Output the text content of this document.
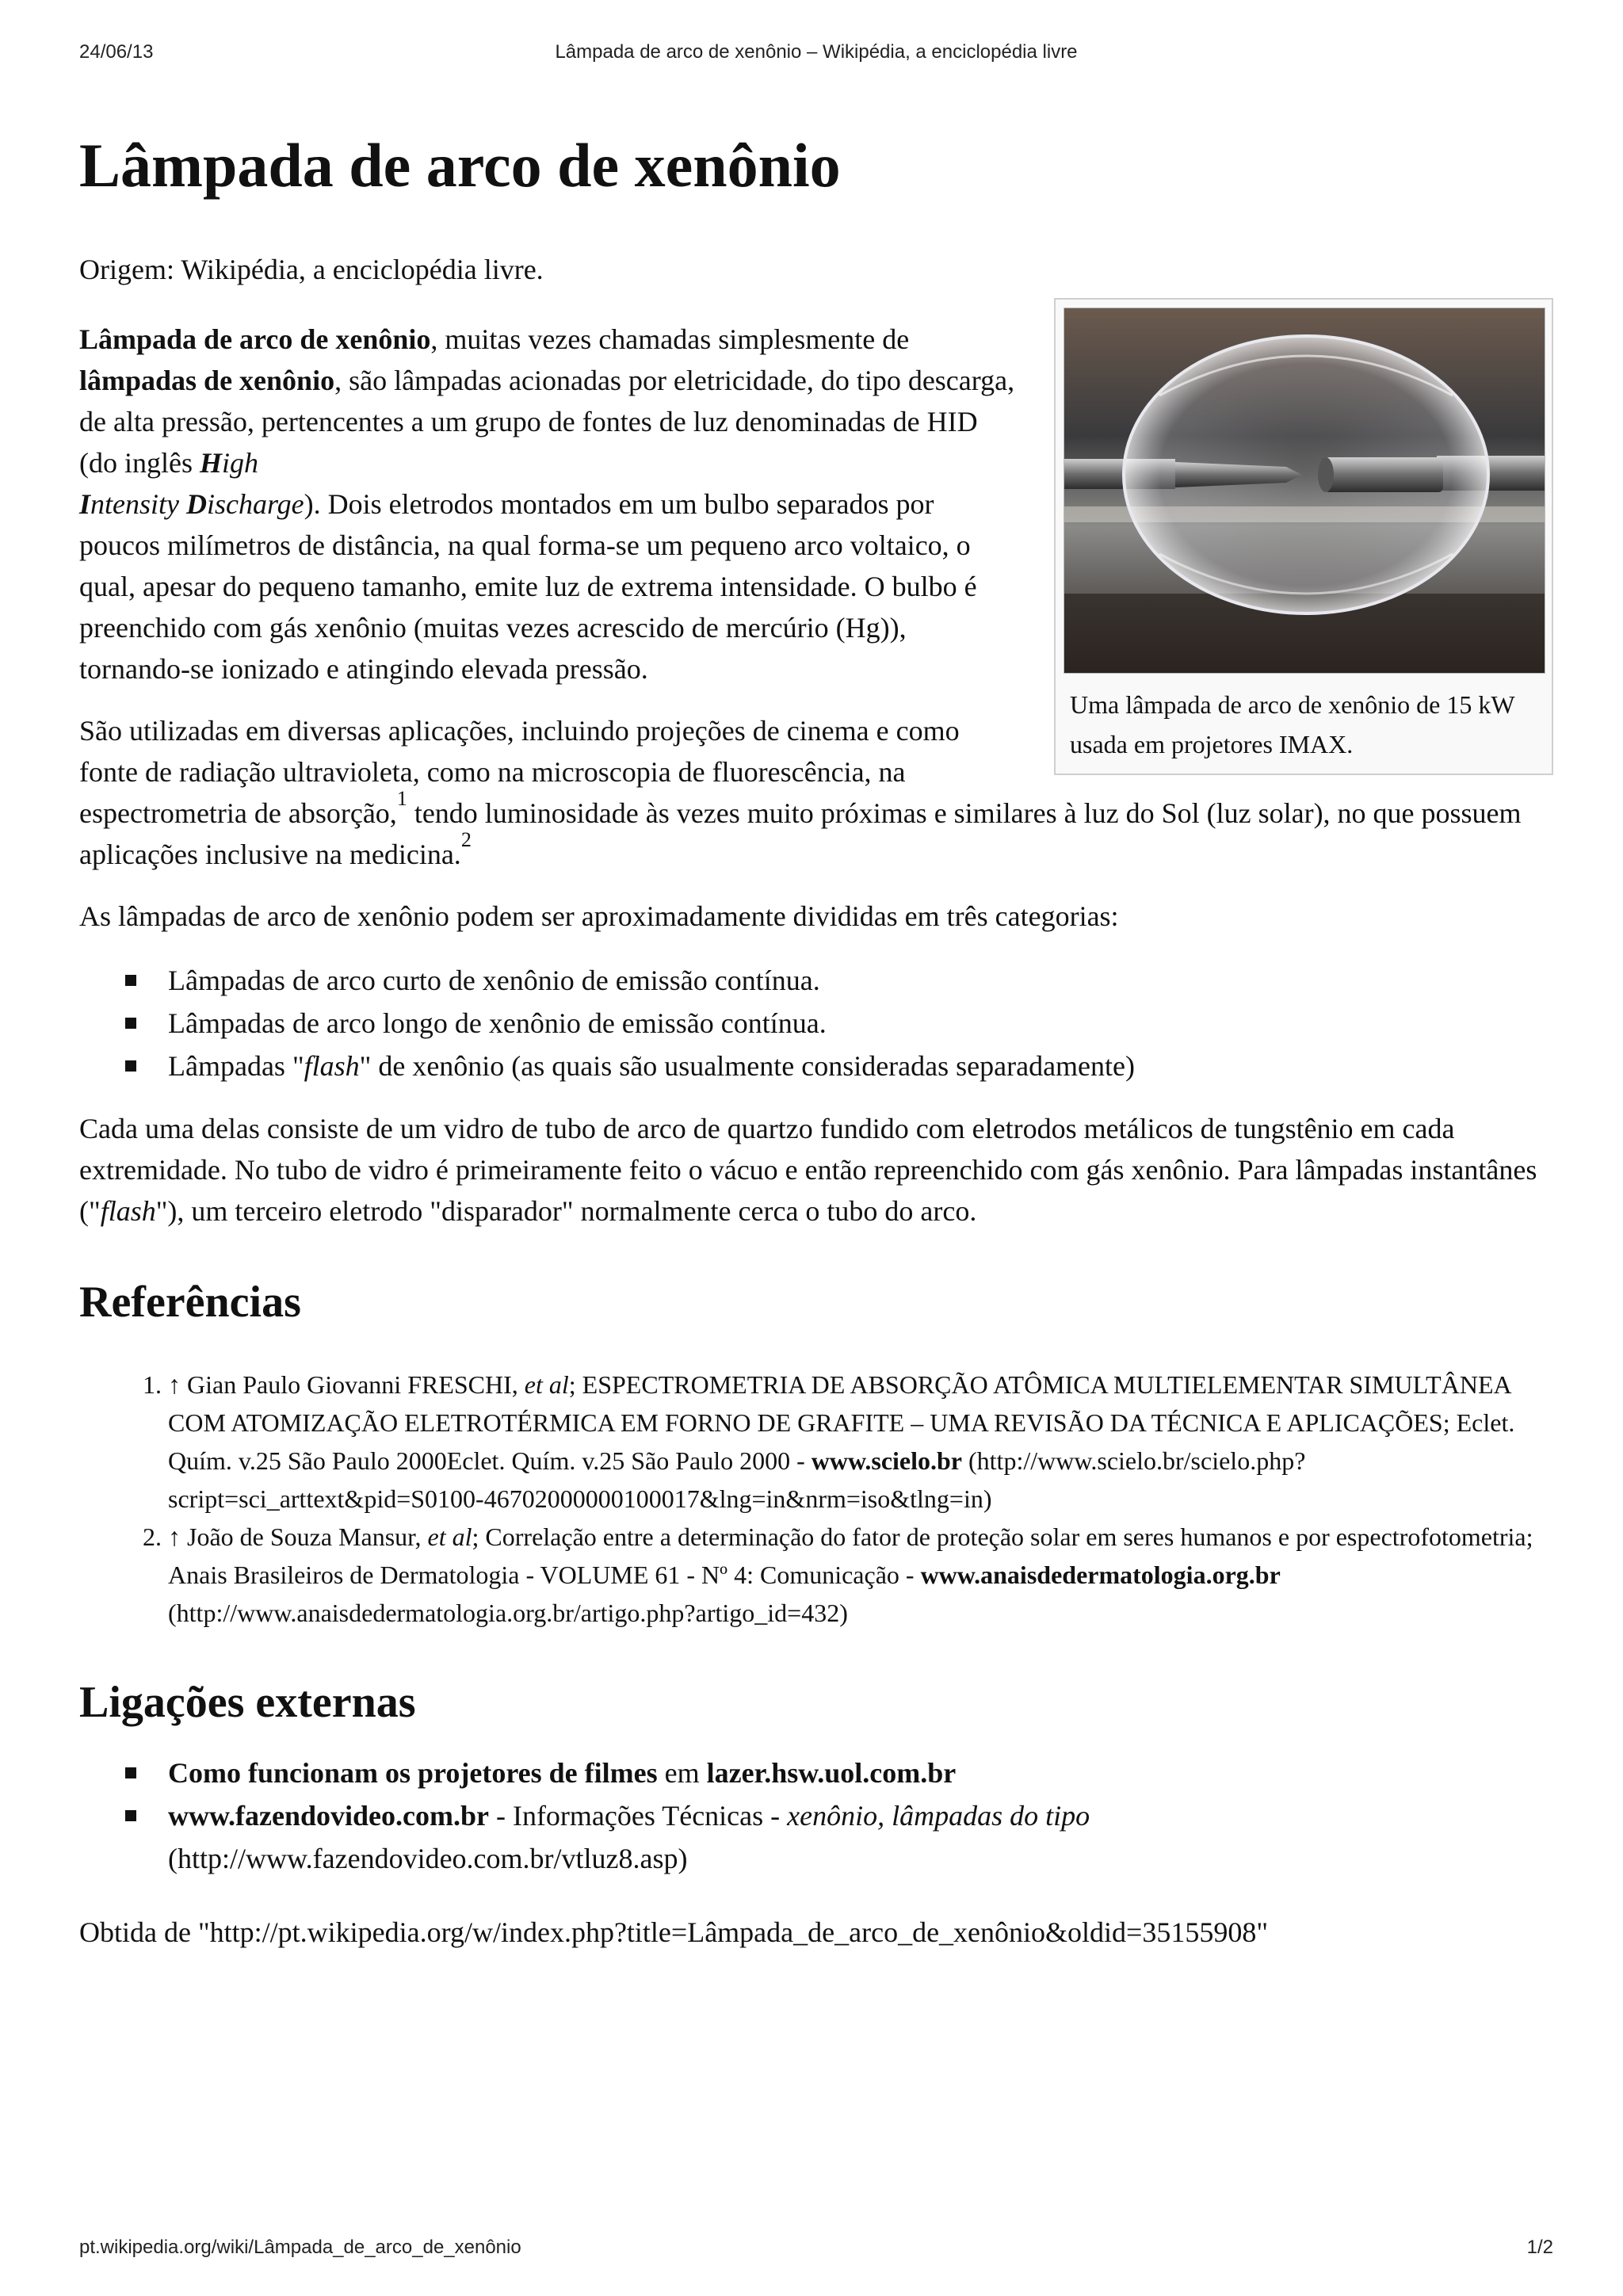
24/06/13	Lâmpada de arco de xenônio – Wikipédia, a enciclopédia livre
Lâmpada de arco de xenônio

Origem: Wikipédia, a enciclopédia livre.

Uma lâmpada de arco de xenônio de 15 kW usada em projetores IMAX.

Lâmpada de arco de xenônio, muitas vezes chamadas simplesmente de lâmpadas de xenônio, são lâmpadas acionadas por eletricidade, do tipo descarga, de alta pressão, pertencentes a um grupo de fontes de luz denominadas de HID (do inglês High
Intensity Discharge). Dois eletrodos montados em um bulbo separados por poucos milímetros de distância, na qual forma-se um pequeno arco voltaico, o qual, apesar do pequeno tamanho, emite luz de extrema intensidade. O bulbo é preenchido com gás xenônio (muitas vezes acrescido de mercúrio (Hg)), tornando-se ionizado e atingindo elevada pressão.

São utilizadas em diversas aplicações, incluindo projeções de cinema e como fonte de radiação ultravioleta, como na microscopia de fluorescência, na espectrometria de absorção,$^1$ tendo luminosidade às vezes muito próximas e similares à luz do Sol (luz solar), no que possuem aplicações inclusive na medicina.$^2$

As lâmpadas de arco de xenônio podem ser aproximadamente divididas em três categorias:

Lâmpadas de arco curto de xenônio de emissão contínua.
Lâmpadas de arco longo de xenônio de emissão contínua.
Lâmpadas "flash" de xenônio (as quais são usualmente consideradas separadamente)

Cada uma delas consiste de um vidro de tubo de arco de quartzo fundido com eletrodos metálicos de tungstênio em cada extremidade. No tubo de vidro é primeiramente feito o vácuo e então repreenchido com gás xenônio. Para lâmpadas instantânes ("flash"), um terceiro eletrodo "disparador" normalmente cerca o tubo do arco.

Referências
1. ↑ Gian Paulo Giovanni FRESCHI, et al; ESPECTROMETRIA DE ABSORÇÃO ATÔMICA MULTIELEMENTAR SIMULTÂNEA COM ATOMIZAÇÃO ELETROTÉRMICA EM FORNO DE GRAFITE – UMA REVISÃO DA TÉCNICA E APLICAÇÕES; Eclet. Quím. v.25 São Paulo 2000Eclet. Quím. v.25 São Paulo 2000 - www.scielo.br (http://www.scielo.br/scielo.php?script=sci_arttext&pid=S0100-46702000000100017&lng=in&nrm=iso&tlng=in)
2. ↑ João de Souza Mansur, et al; Correlação entre a determinação do fator de proteção solar em seres humanos e por espectrofotometria; Anais Brasileiros de Dermatologia - VOLUME 61 - Nº 4: Comunicação - www.anaisdedermatologia.org.br (http://www.anaisdedermatologia.org.br/artigo.php?artigo_id=432)
Ligações externas
Como funcionam os projetores de filmes em lazer.hsw.uol.com.br
www.fazendovideo.com.br - Informações Técnicas - xenônio, lâmpadas do tipo (http://www.fazendovideo.com.br/vtluz8.asp)

Obtida de "http://pt.wikipedia.org/w/index.php?title=Lâmpada_de_arco_de_xenônio&oldid=35155908"

pt.wikipedia.org/wiki/Lâmpada_de_arco_de_xenônio	1/2
